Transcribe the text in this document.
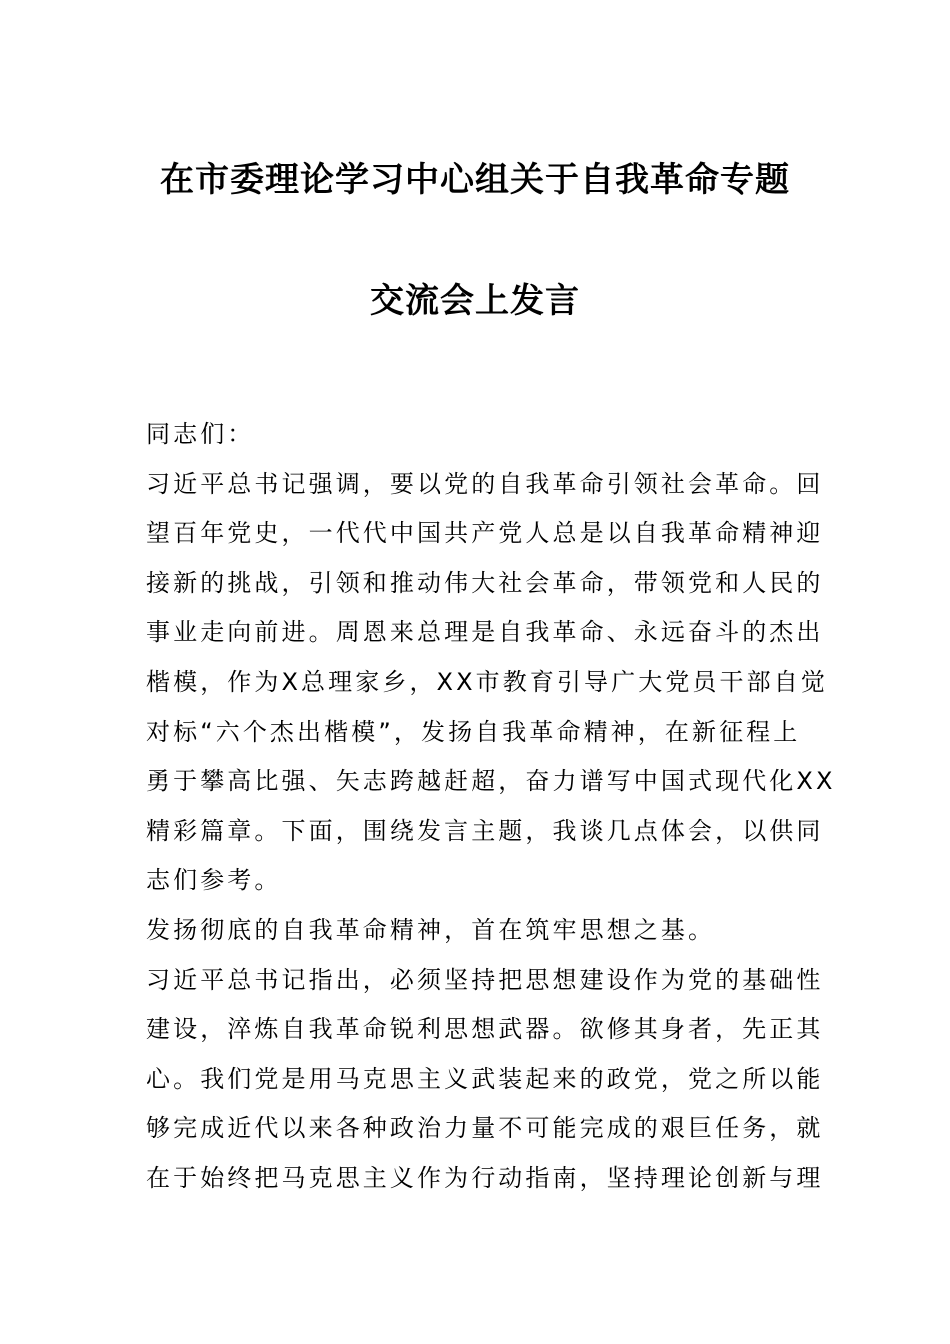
在市委理论学习中心组关于自我革命专题
交流会上发言
同志们：
习近平总书记强调，要以党的自我革命引领社会革命。回
望百年党史，一代代中国共产党人总是以自我革命精神迎
接新的挑战，引领和推动伟大社会革命，带领党和人民的
事业走向前进。周恩来总理是自我革命、永远奋斗的杰出
楷模，作为X总理家乡，XX市教育引导广大党员干部自觉
对标“六个杰出楷模”，发扬自我革命精神，在新征程上
勇于攀高比强、矢志跨越赶超，奋力谱写中国式现代化XX
精彩篇章。下面，围绕发言主题，我谈几点体会，以供同
志们参考。
发扬彻底的自我革命精神，首在筑牢思想之基。
习近平总书记指出，必须坚持把思想建设作为党的基础性
建设，淬炼自我革命锐利思想武器。欲修其身者，先正其
心。我们党是用马克思主义武装起来的政党，党之所以能
够完成近代以来各种政治力量不可能完成的艰巨任务，就
在于始终把马克思主义作为行动指南，坚持理论创新与理
